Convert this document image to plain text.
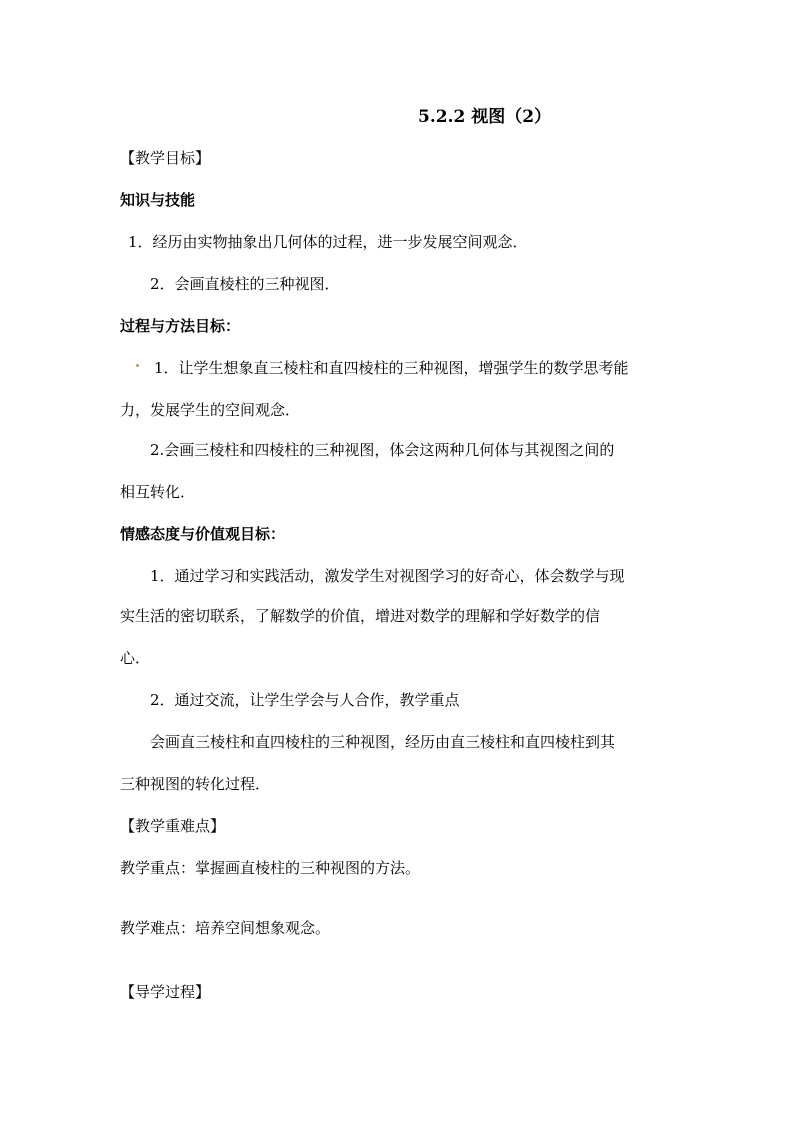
5.2.2 视图（2）
【教学目标】
知识与技能
1．经历由实物抽象出几何体的过程，进一步发展空间观念．
2．会画直棱柱的三种视图．
过程与方法目标：
1．让学生想象直三棱柱和直四棱柱的三种视图，增强学生的数学思考能
力，发展学生的空间观念．
2.会画三棱柱和四棱柱的三种视图，体会这两种几何体与其视图之间的
相互转化．
情感态度与价值观目标：
1．通过学习和实践活动，激发学生对视图学习的好奇心，体会数学与现
实生活的密切联系，了解数学的价值，增进对数学的理解和学好数学的信
心．
2．通过交流，让学生学会与人合作，教学重点
会画直三棱柱和直四棱柱的三种视图，经历由直三棱柱和直四棱柱到其
三种视图的转化过程．
【教学重难点】
教学重点：掌握画直棱柱的三种视图的方法。
教学难点：培养空间想象观念。
【导学过程】
